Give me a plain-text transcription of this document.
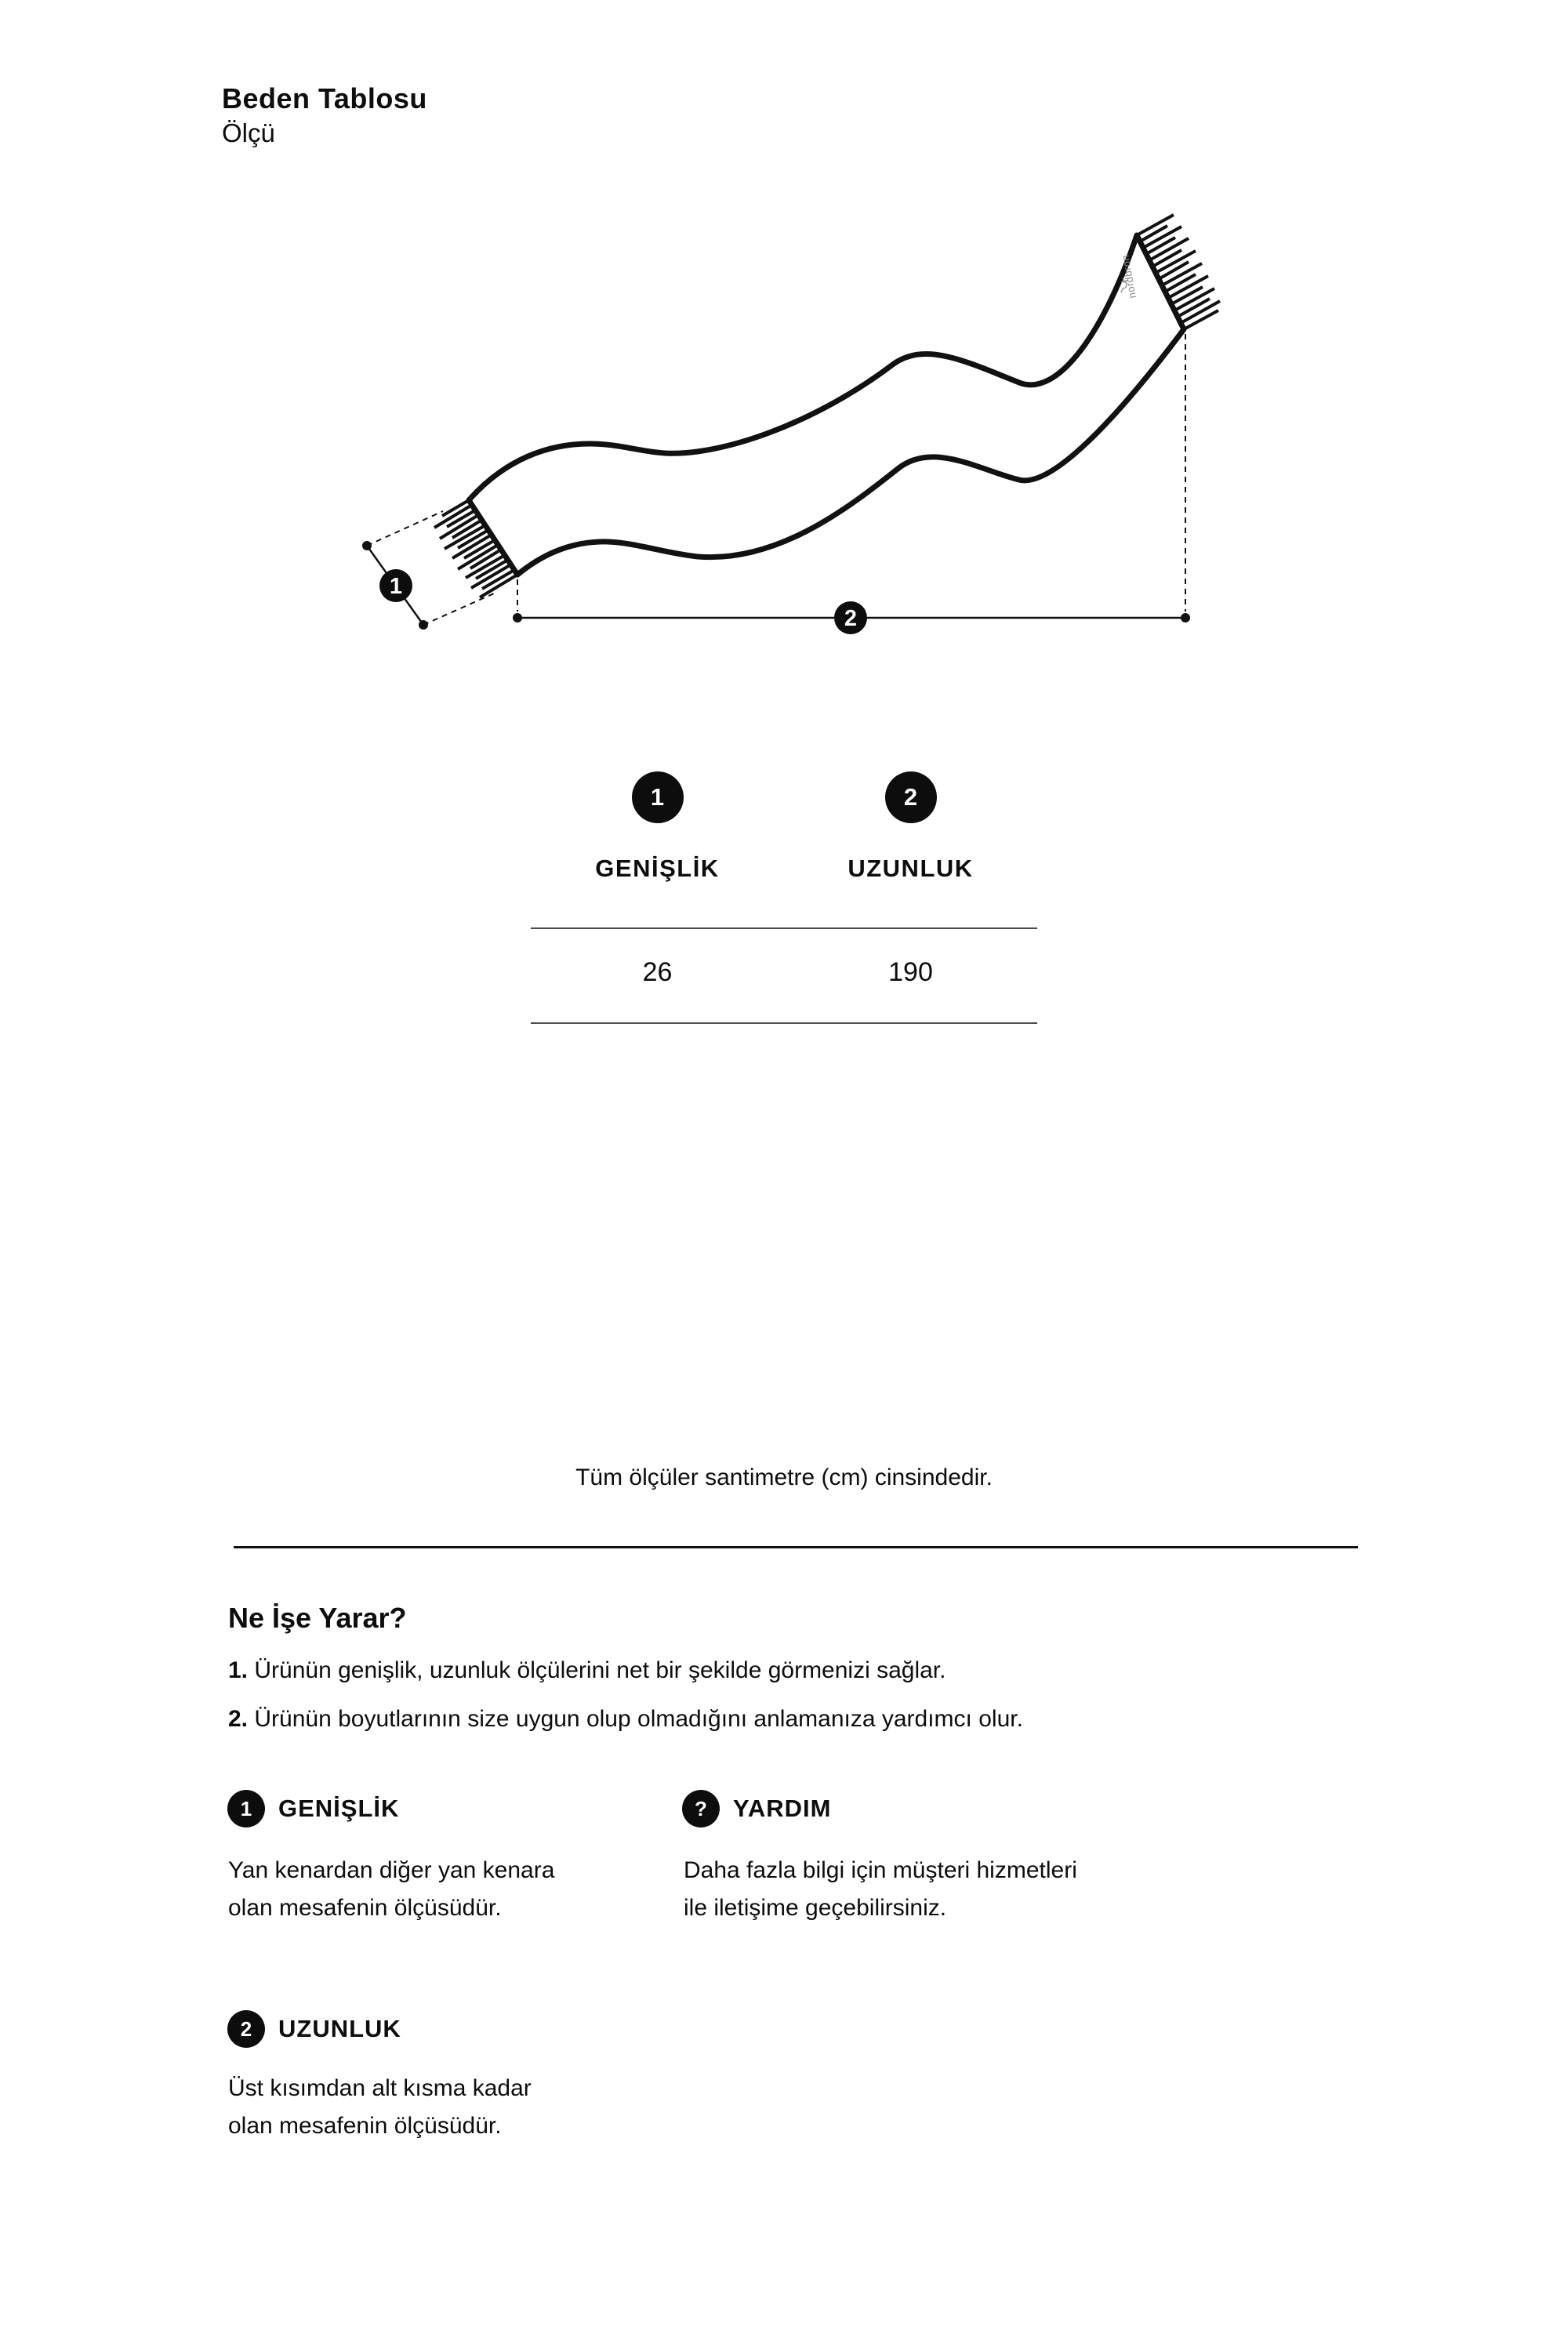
Beden Tablosu
Ölçü
nordbron
1
2
1	2
GENİŞLİK	UZUNLUK
26	190
Tüm ölçüler santimetre (cm) cinsindedir.
Ne İşe Yarar?
1. Ürünün genişlik, uzunluk ölçülerini net bir şekilde görmenizi sağlar.
2. Ürünün boyutlarının size uygun olup olmadığını anlamanıza yardımcı olur.
1	GENİŞLİK
Yan kenardan diğer yan kenara
olan mesafenin ölçüsüdür.
?	YARDIM
Daha fazla bilgi için müşteri hizmetleri
ile iletişime geçebilirsiniz.
2	UZUNLUK
Üst kısımdan alt kısma kadar
olan mesafenin ölçüsüdür.
